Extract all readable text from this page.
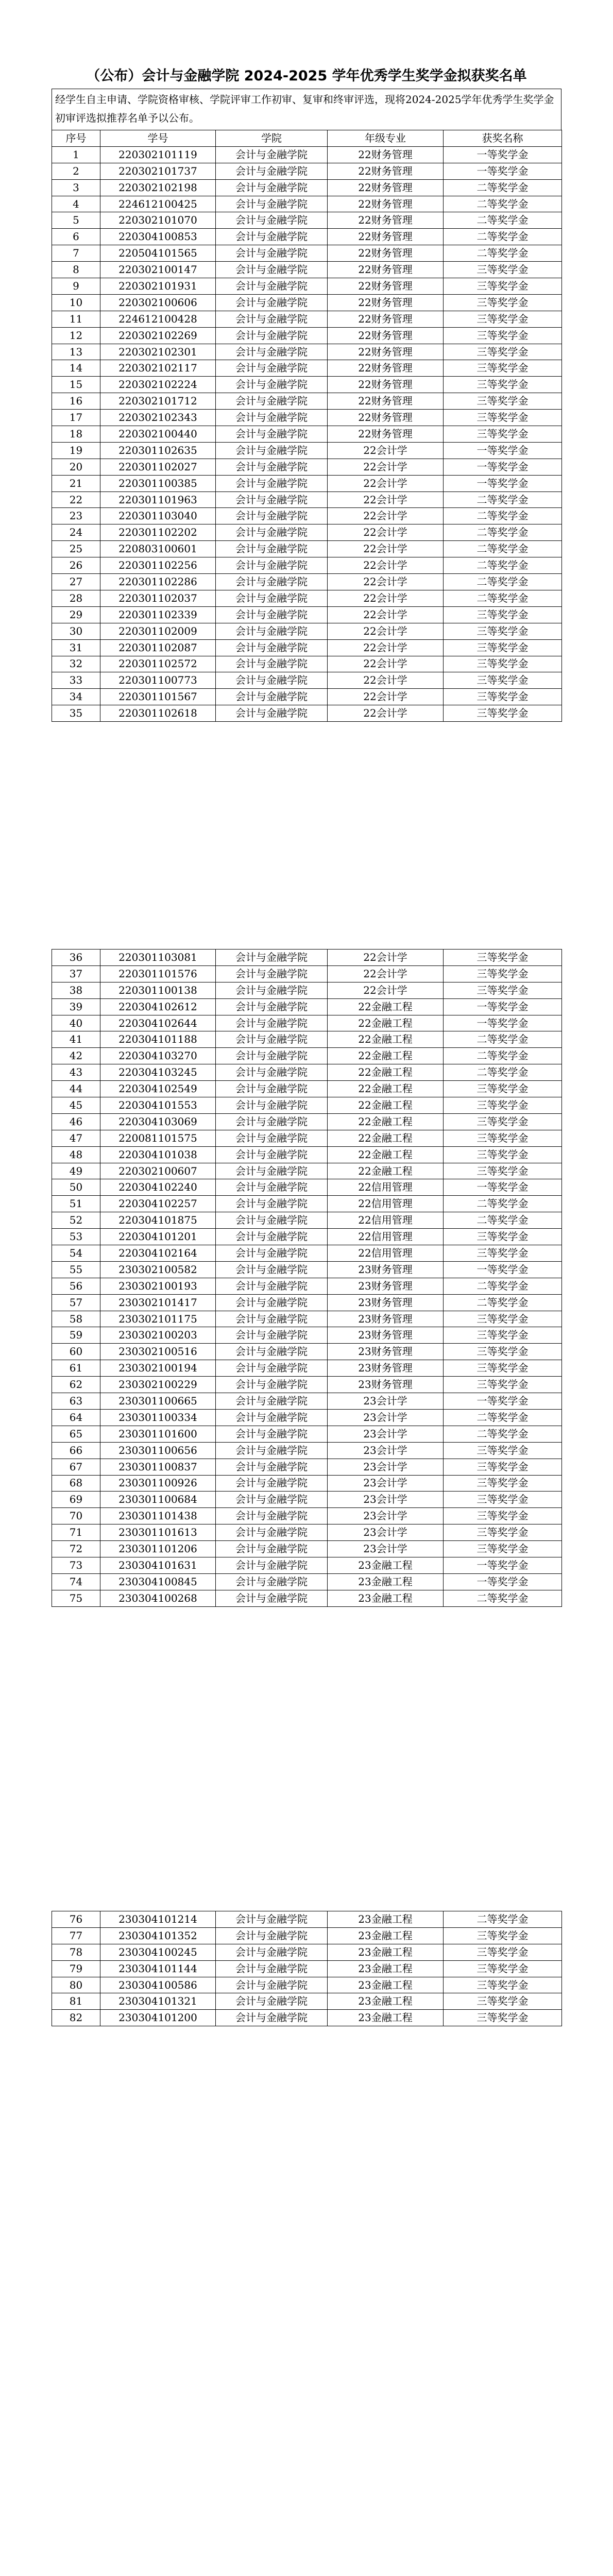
（公布）会计与金融学院 2024-2025 学年优秀学生奖学金拟获奖名单
经学生自主申请、学院资格审核、学院评审工作初审、复审和终审评选，现将2024-2025学年优秀学生奖学金初审评选拟推荐名单予以公布。
序号	学号	学院	年级专业	获奖名称
1	220302101119	会计与金融学院	22财务管理	一等奖学金
2	220302101737	会计与金融学院	22财务管理	一等奖学金
3	220302102198	会计与金融学院	22财务管理	二等奖学金
4	224612100425	会计与金融学院	22财务管理	二等奖学金
5	220302101070	会计与金融学院	22财务管理	二等奖学金
6	220304100853	会计与金融学院	22财务管理	二等奖学金
7	220504101565	会计与金融学院	22财务管理	二等奖学金
8	220302100147	会计与金融学院	22财务管理	三等奖学金
9	220302101931	会计与金融学院	22财务管理	三等奖学金
10	220302100606	会计与金融学院	22财务管理	三等奖学金
11	224612100428	会计与金融学院	22财务管理	三等奖学金
12	220302102269	会计与金融学院	22财务管理	三等奖学金
13	220302102301	会计与金融学院	22财务管理	三等奖学金
14	220302102117	会计与金融学院	22财务管理	三等奖学金
15	220302102224	会计与金融学院	22财务管理	三等奖学金
16	220302101712	会计与金融学院	22财务管理	三等奖学金
17	220302102343	会计与金融学院	22财务管理	三等奖学金
18	220302100440	会计与金融学院	22财务管理	三等奖学金
19	220301102635	会计与金融学院	22会计学	一等奖学金
20	220301102027	会计与金融学院	22会计学	一等奖学金
21	220301100385	会计与金融学院	22会计学	一等奖学金
22	220301101963	会计与金融学院	22会计学	二等奖学金
23	220301103040	会计与金融学院	22会计学	二等奖学金
24	220301102202	会计与金融学院	22会计学	二等奖学金
25	220803100601	会计与金融学院	22会计学	二等奖学金
26	220301102256	会计与金融学院	22会计学	二等奖学金
27	220301102286	会计与金融学院	22会计学	二等奖学金
28	220301102037	会计与金融学院	22会计学	二等奖学金
29	220301102339	会计与金融学院	22会计学	三等奖学金
30	220301102009	会计与金融学院	22会计学	三等奖学金
31	220301102087	会计与金融学院	22会计学	三等奖学金
32	220301102572	会计与金融学院	22会计学	三等奖学金
33	220301100773	会计与金融学院	22会计学	三等奖学金
34	220301101567	会计与金融学院	22会计学	三等奖学金
35	220301102618	会计与金融学院	22会计学	三等奖学金
36	220301103081	会计与金融学院	22会计学	三等奖学金
37	220301101576	会计与金融学院	22会计学	三等奖学金
38	220301100138	会计与金融学院	22会计学	三等奖学金
39	220304102612	会计与金融学院	22金融工程	一等奖学金
40	220304102644	会计与金融学院	22金融工程	一等奖学金
41	220304101188	会计与金融学院	22金融工程	二等奖学金
42	220304103270	会计与金融学院	22金融工程	二等奖学金
43	220304103245	会计与金融学院	22金融工程	二等奖学金
44	220304102549	会计与金融学院	22金融工程	三等奖学金
45	220304101553	会计与金融学院	22金融工程	三等奖学金
46	220304103069	会计与金融学院	22金融工程	三等奖学金
47	220081101575	会计与金融学院	22金融工程	三等奖学金
48	220304101038	会计与金融学院	22金融工程	三等奖学金
49	220302100607	会计与金融学院	22金融工程	三等奖学金
50	220304102240	会计与金融学院	22信用管理	一等奖学金
51	220304102257	会计与金融学院	22信用管理	二等奖学金
52	220304101875	会计与金融学院	22信用管理	二等奖学金
53	220304101201	会计与金融学院	22信用管理	三等奖学金
54	220304102164	会计与金融学院	22信用管理	三等奖学金
55	230302100582	会计与金融学院	23财务管理	一等奖学金
56	230302100193	会计与金融学院	23财务管理	二等奖学金
57	230302101417	会计与金融学院	23财务管理	二等奖学金
58	230302101175	会计与金融学院	23财务管理	三等奖学金
59	230302100203	会计与金融学院	23财务管理	三等奖学金
60	230302100516	会计与金融学院	23财务管理	三等奖学金
61	230302100194	会计与金融学院	23财务管理	三等奖学金
62	230302100229	会计与金融学院	23财务管理	三等奖学金
63	230301100665	会计与金融学院	23会计学	一等奖学金
64	230301100334	会计与金融学院	23会计学	二等奖学金
65	230301101600	会计与金融学院	23会计学	二等奖学金
66	230301100656	会计与金融学院	23会计学	三等奖学金
67	230301100837	会计与金融学院	23会计学	三等奖学金
68	230301100926	会计与金融学院	23会计学	三等奖学金
69	230301100684	会计与金融学院	23会计学	三等奖学金
70	230301101438	会计与金融学院	23会计学	三等奖学金
71	230301101613	会计与金融学院	23会计学	三等奖学金
72	230301101206	会计与金融学院	23会计学	三等奖学金
73	230304101631	会计与金融学院	23金融工程	一等奖学金
74	230304100845	会计与金融学院	23金融工程	一等奖学金
75	230304100268	会计与金融学院	23金融工程	二等奖学金
76	230304101214	会计与金融学院	23金融工程	二等奖学金
77	230304101352	会计与金融学院	23金融工程	三等奖学金
78	230304100245	会计与金融学院	23金融工程	三等奖学金
79	230304101144	会计与金融学院	23金融工程	三等奖学金
80	230304100586	会计与金融学院	23金融工程	三等奖学金
81	230304101321	会计与金融学院	23金融工程	三等奖学金
82	230304101200	会计与金融学院	23金融工程	三等奖学金
